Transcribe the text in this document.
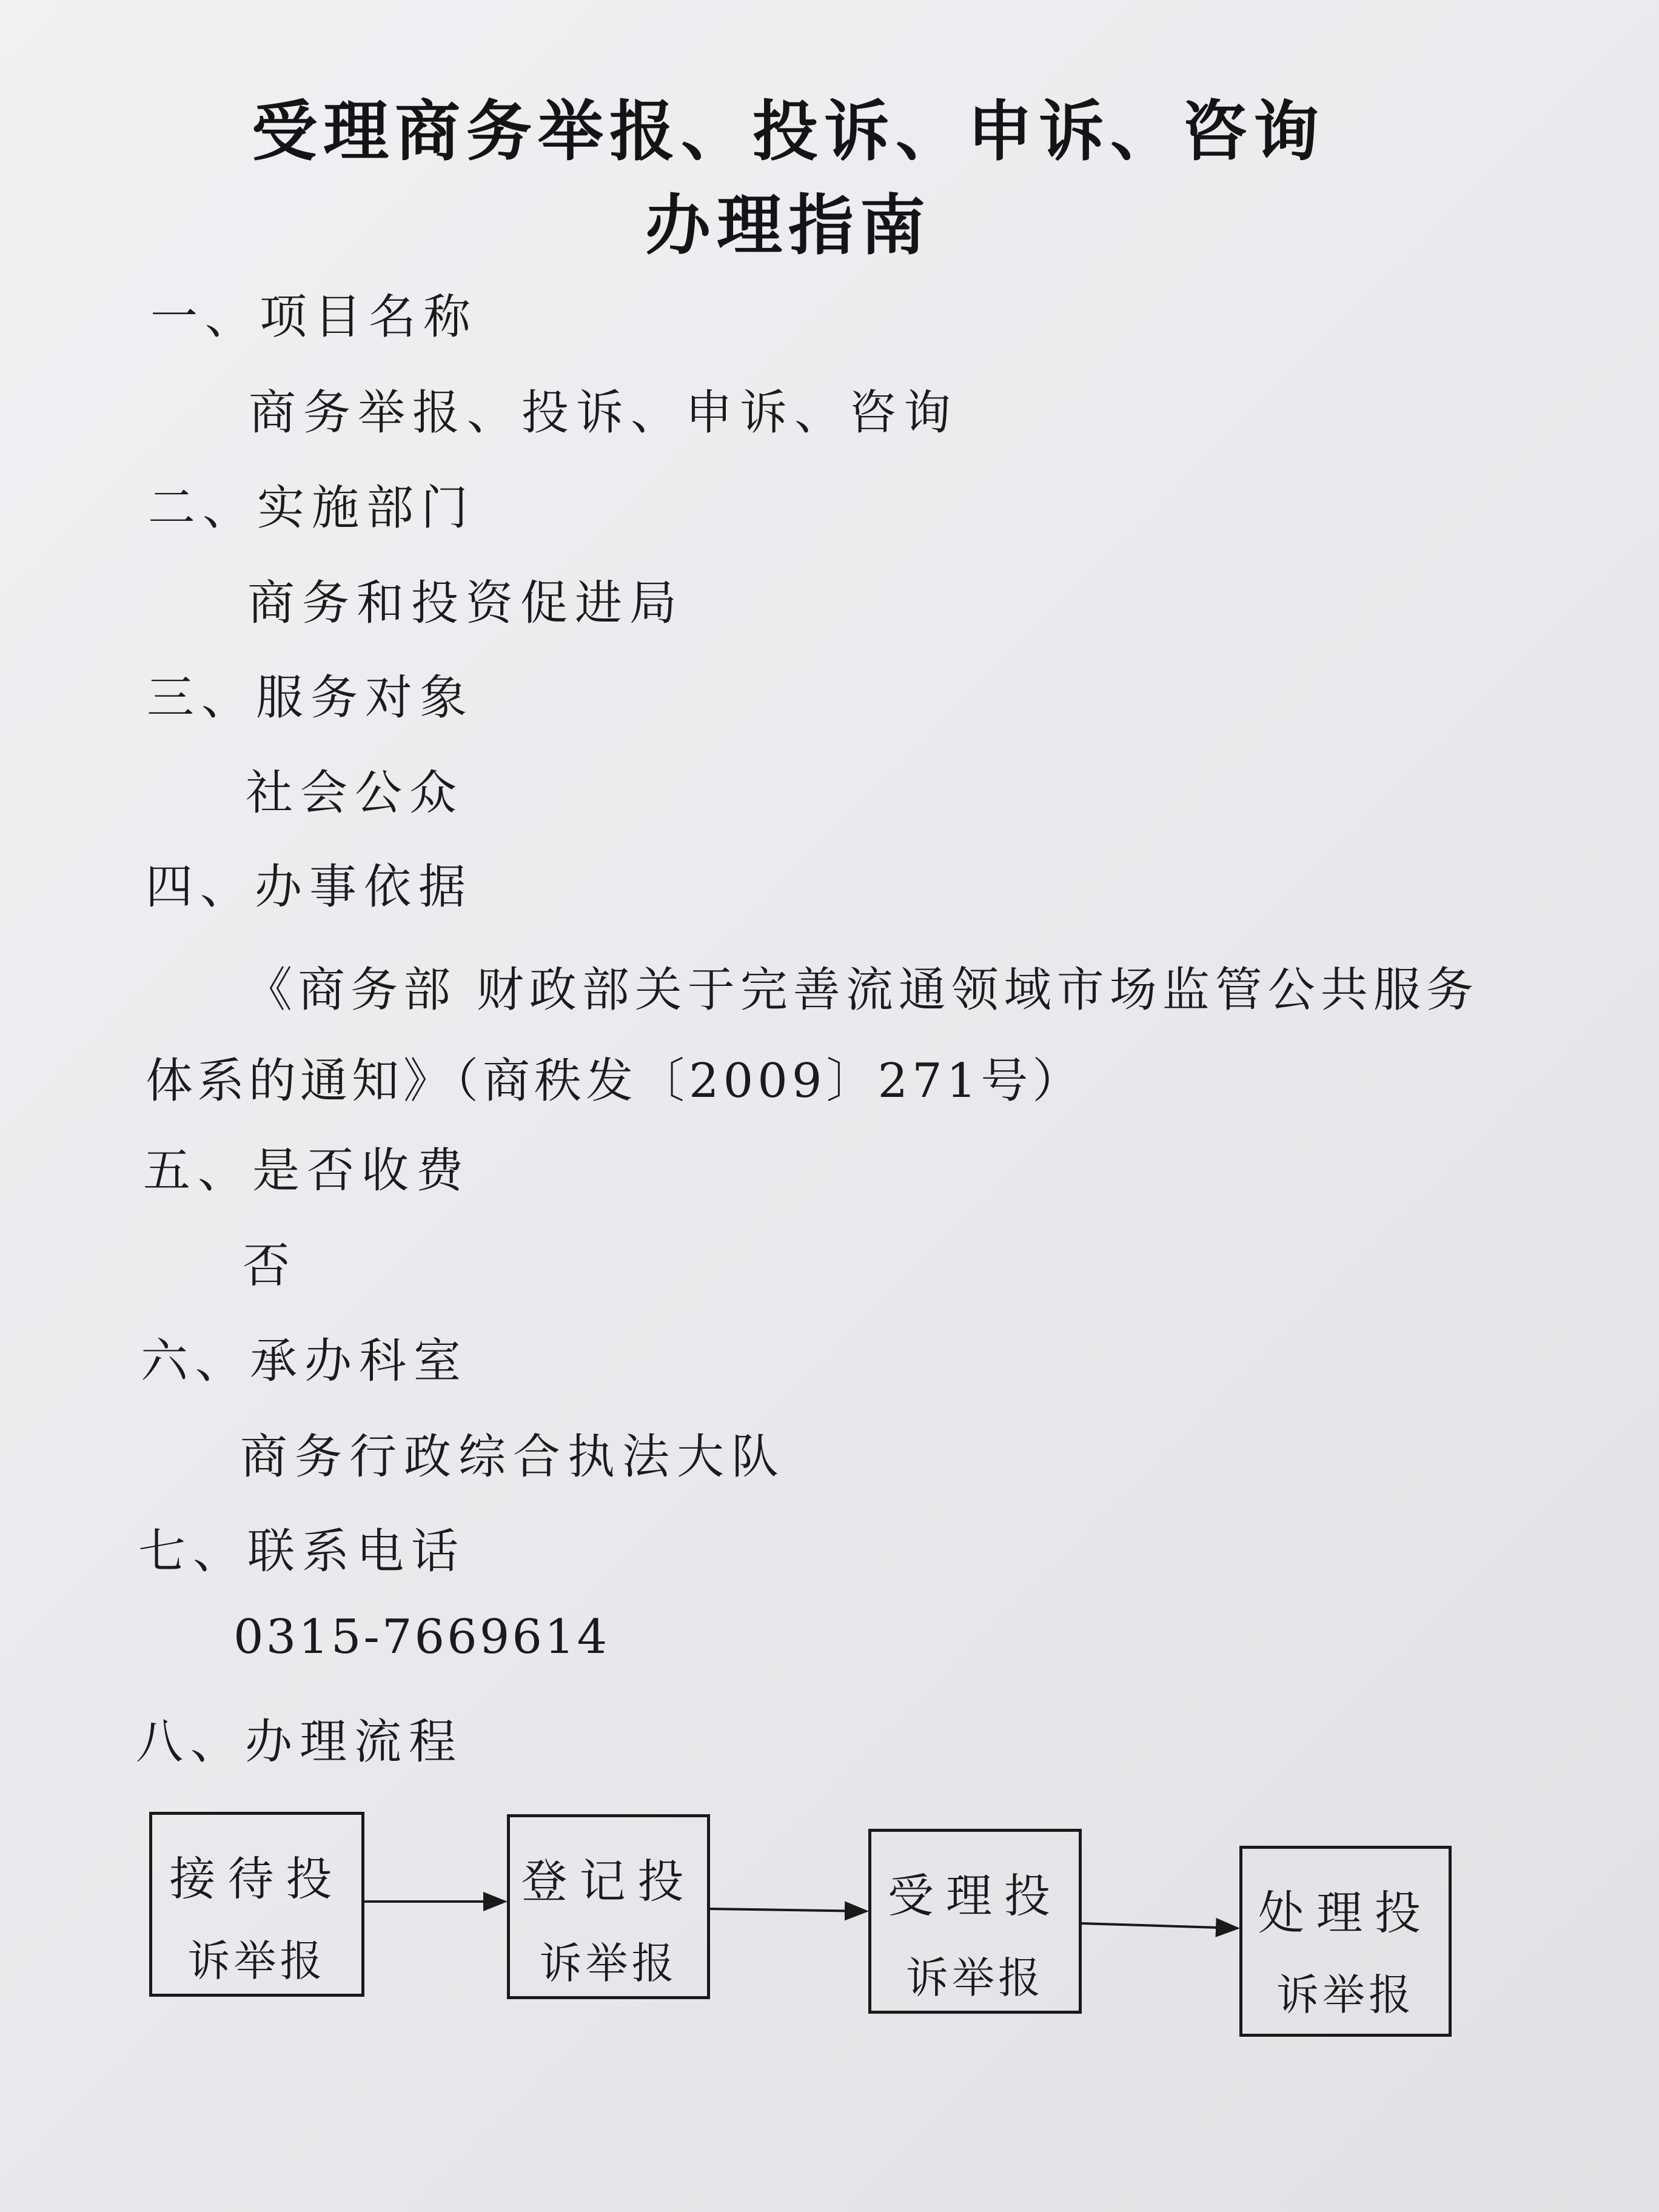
受理商务举报、投诉、申诉、咨询
办理指南
一、项目名称
商务举报、投诉、申诉、咨询
二、实施部门
商务和投资促进局
三、服务对象
社会公众
四、办事依据
《商务部 财政部关于完善流通领域市场监管公共服务
体系的通知》（商秩发〔2009〕271号）
五、是否收费
否
六、承办科室
商务行政综合执法大队
七、联系电话
0315-7669614
八、办理流程
接待投
诉举报
登记投
诉举报
受理投
诉举报
处理投
诉举报
